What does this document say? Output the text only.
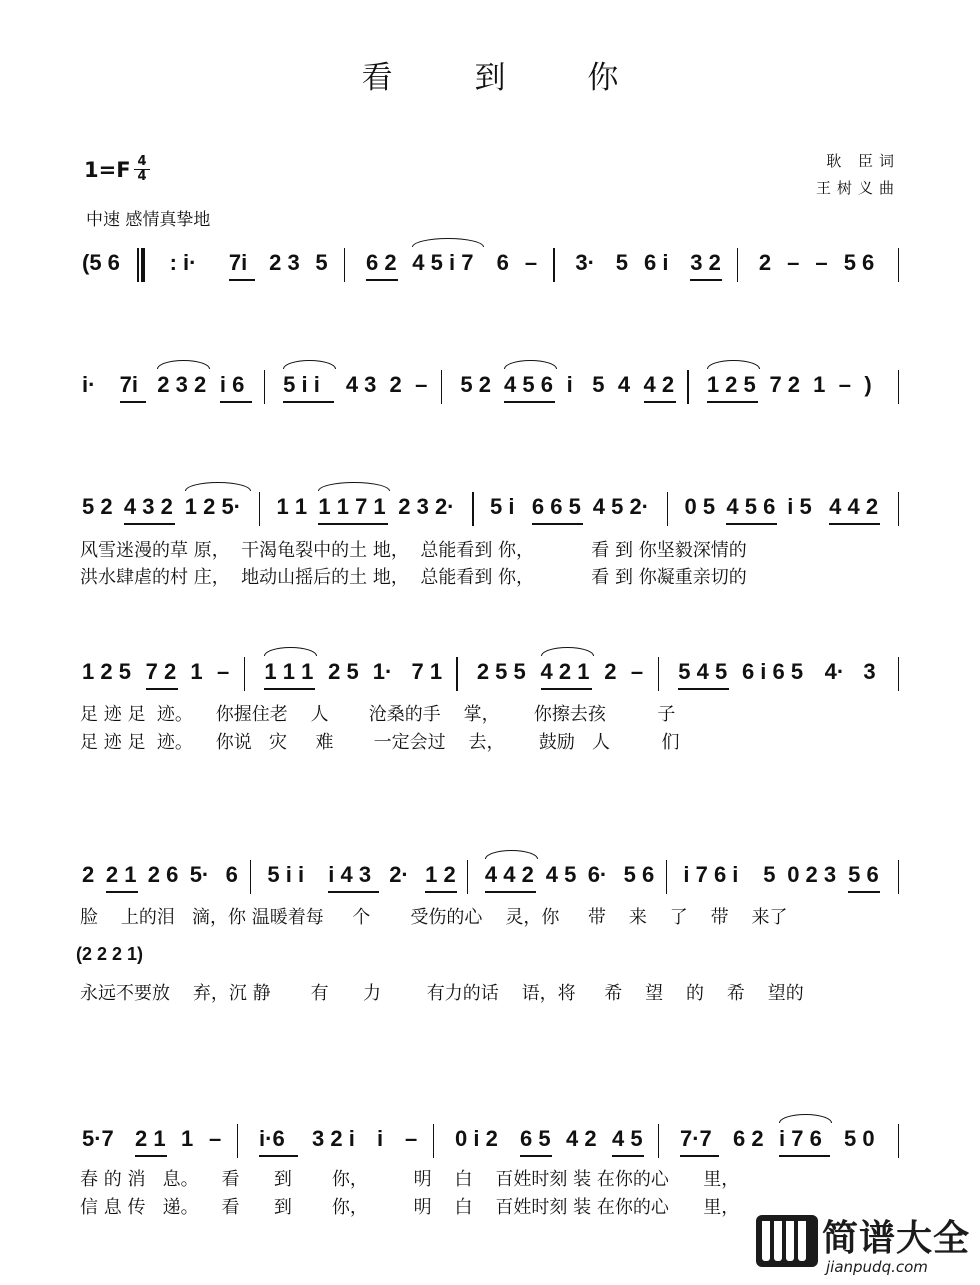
看 到 你
$1=F \frac{4}{4}$
中速 感情真挚地
耿 臣词
王树义曲
(5 6 : i· 7i 2 3 5 6 2 4 5 i 7 6 – 3· 5 6 i 3 2 2 – – 5 6
i· 7i 2 3 2 i 6 5 i i 4 3 2 – 5 2 4 5 6 i 5 4 4 2 1 2 5 7 2 1 – )
5 2 4 3 2 1 2 5· 1 1 1 1 7 1 2 3 2· 5 i 6 6 5 4 5 2· 0 5 4 5 6 i 5 4 4 2
1 2 5 7 2 1 – 1 1 1 2 5 1· 7 1 2 5 5 4 2 1 2 – 5 4 5 6 i 6 5 4· 3
2 2 1 2 6 5· 6 5 i i i 4 3 2· 1 2 4 4 2 4 5 6· 5 6 i 7 6 i 5 0 2 3 5 6
5·7 2 1 1 – i·6 3 2 i i – 0 i 2 6 5 4 2 4 5 7·7 6 2 i 7 6 5 0
风雪迷漫的草 原，  干渴龟裂中的土 地，  总能看到 你，          看 到 你坚毅深情的
洪水肆虐的村 庄，  地动山摇后的土 地，  总能看到 你，          看 到 你凝重亲切的
足 迹 足  迹。    你握住老    人       沧桑的手    掌，      你擦去孩         子
足 迹 足  迹。    你说   灾     难       一定会过    去，      鼓励   人         们
脸    上的泪   滴，你 温暖着每     个       受伤的心    灵，你     带    来    了    带    来了
(2 2 2 1)
永远不要放    弃，沉 静       有      力        有力的话    语，将     希    望    的    希    望的
春 的 消   息。    看      到       你，        明    白    百姓时刻 装 在你的心      里，
信 息 传   递。    看      到       你，        明    白    百姓时刻 装 在你的心      里，
简谱大全
jianpudq.com
